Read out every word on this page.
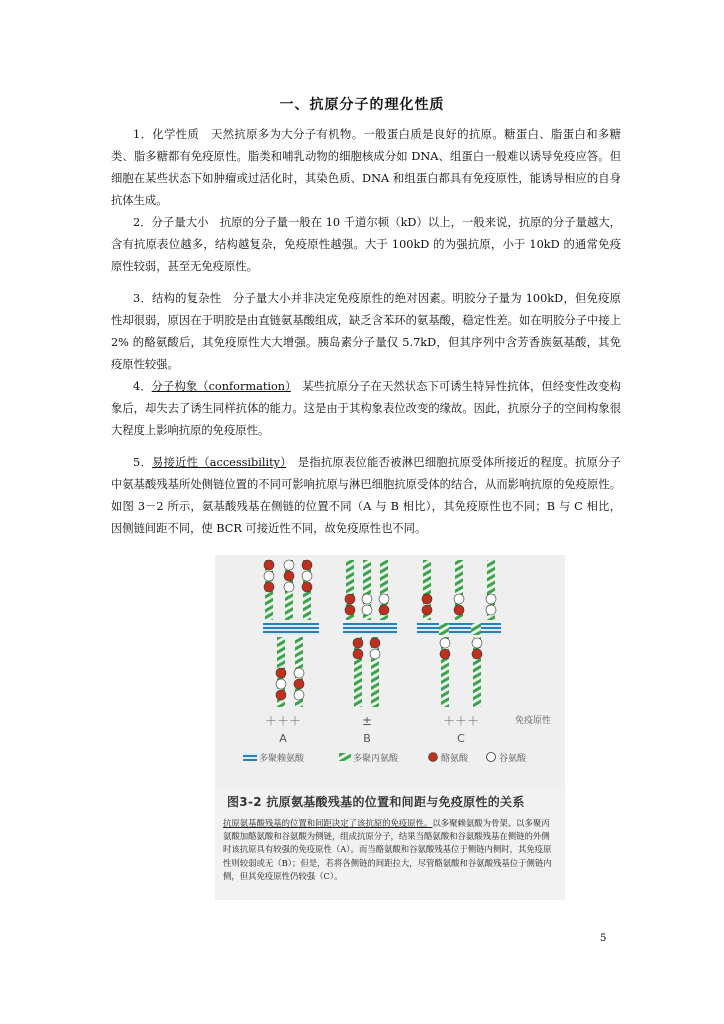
一、抗原分子的理化性质

1．化学性质　 天然抗原多为大分子有机物。一般蛋白质是良好的抗原。糖蛋白、脂蛋白和多糖类、脂多糖都有免疫原性。脂类和哺乳动物的细胞核成分如 DNA、组蛋白一般难以诱导免疫应答。但细胞在某些状态下如肿瘤或过活化时，其染色质、DNA 和组蛋白都具有免疫原性，能诱导相应的自身抗体生成。

2．分子量大小　 抗原的分子量一般在 10 千道尔顿（kD）以上，一般来说，抗原的分子量越大，含有抗原表位越多，结构越复杂，免疫原性越强。大于 100kD 的为强抗原，小于 10kD 的通常免疫原性较弱，甚至无免疫原性。

3．结构的复杂性　 分子量大小并非决定免疫原性的绝对因素。明胶分子量为 100kD，但免疫原性却很弱，原因在于明胶是由直链氨基酸组成，缺乏含苯环的氨基酸，稳定性差。如在明胶分子中接上 2% 的酪氨酸后，其免疫原性大大增强。胰岛素分子量仅 5.7kD，但其序列中含芳香族氨基酸，其免疫原性较强。

4．分子构象（conformation）　 某些抗原分子在天然状态下可诱生特异性抗体，但经变性改变构象后，却失去了诱生同样抗体的能力。这是由于其构象表位改变的缘故。因此，抗原分子的空间构象很大程度上影响抗原的免疫原性。

5．易接近性（accessibility）　 是指抗原表位能否被淋巴细胞抗原受体所接近的程度。抗原分子中氨基酸残基所处侧链位置的不同可影响抗原与淋巴细胞抗原受体的结合，从而影响抗原的免疫原性。如图 3－2 所示，氨基酸残基在侧链的位置不同（A 与 B 相比），其免疫原性也不同；B 与 C 相比，因侧链间距不同，使 BCR 可接近性不同，故免疫原性也不同。

＋＋＋	±	＋＋＋	免疫原性
A	B	C
多聚赖氨酸	多聚丙氨酸	酪氨酸	谷氨酸
图3-2 抗原氨基酸残基的位置和间距与免疫原性的关系
抗原氨基酸残基的位置和间距决定了该抗原的免疫原性。以多聚赖氨酸为骨架、以多聚丙氨酸加酪氨酸和谷氨酸为侧链，组成抗原分子，结果当酪氨酸和谷氨酸残基在侧链的外侧时该抗原具有较强的免疫原性（A）。而当酪氨酸和谷氨酸残基位于侧链内侧时，其免疫原性则较弱或无（B）；但是，若将各侧链的间距拉大，尽管酪氨酸和谷氨酸残基位于侧链内侧，但其免疫原性仍较强（C）。
5
